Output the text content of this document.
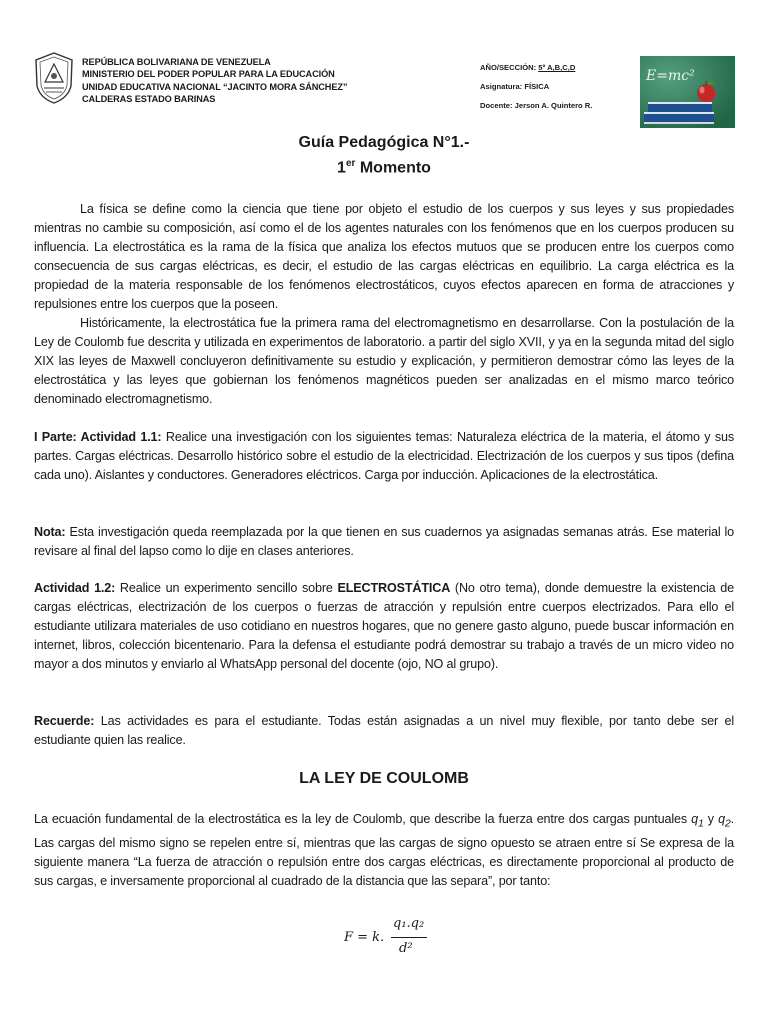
REPÚBLICA BOLIVARIANA DE VENEZUELA
MINISTERIO DEL PODER POPULAR PARA LA EDUCACIÓN
UNIDAD EDUCATIVA NACIONAL “JACINTO MORA SÁNCHEZ”
CALDERAS ESTADO BARINAS
AÑO/SECCIÓN: 5º A,B,C,D
Asignatura: FÍSICA
Docente: Jerson A. Quintero R.
E=mc²
Guía Pedagógica N°1.-
1er Momento

La física se define como la ciencia que tiene por objeto el estudio de los cuerpos y sus leyes y sus propiedades mientras no cambie su composición, así como el de los agentes naturales con los fenómenos que en los cuerpos producen su influencia. La electrostática es la rama de la física que analiza los efectos mutuos que se producen entre los cuerpos como consecuencia de sus cargas eléctricas, es decir, el estudio de las cargas eléctricas en equilibrio. La carga eléctrica es la propiedad de la materia responsable de los fenómenos electrostáticos, cuyos efectos aparecen en forma de atracciones y repulsiones entre los cuerpos que la poseen.

Históricamente, la electrostática fue la primera rama del electromagnetismo en desarrollarse. Con la postulación de la Ley de Coulomb fue descrita y utilizada en experimentos de laboratorio. a partir del siglo XVII, y ya en la segunda mitad del siglo XIX las leyes de Maxwell concluyeron definitivamente su estudio y explicación, y permitieron demostrar cómo las leyes de la electrostática y las leyes que gobiernan los fenómenos magnéticos pueden ser analizadas en el mismo marco teórico denominado electromagnetismo.

I Parte: Actividad 1.1: Realice una investigación con los siguientes temas: Naturaleza eléctrica de la materia, el átomo y sus partes. Cargas eléctricas. Desarrollo histórico sobre el estudio de la electricidad. Electrización de los cuerpos y sus tipos (defina cada uno). Aislantes y conductores. Generadores eléctricos. Carga por inducción. Aplicaciones de la electrostática.

Nota: Esta investigación queda reemplazada por la que tienen en sus cuadernos ya asignadas semanas atrás. Ese material lo revisare al final del lapso como lo dije en clases anteriores.

Actividad 1.2: Realice un experimento sencillo sobre ELECTROSTÁTICA (No otro tema), donde demuestre la existencia de cargas eléctricas, electrización de los cuerpos o fuerzas de atracción y repulsión entre cuerpos electrizados. Para ello el estudiante utilizara materiales de uso cotidiano en nuestros hogares, que no genere gasto alguno, puede buscar información en internet, libros, colección bicentenario. Para la defensa el estudiante podrá demostrar su trabajo a través de un micro video no mayor a dos minutos y enviarlo al WhatsApp personal del docente (ojo, NO al grupo).

Recuerde: Las actividades es para el estudiante. Todas están asignadas a un nivel muy flexible, por tanto debe ser el estudiante quien las realice.

LA LEY DE COULOMB

La ecuación fundamental de la electrostática es la ley de Coulomb, que describe la fuerza entre dos cargas puntuales $q_1$ y $q_2$. Las cargas del mismo signo se repelen entre sí, mientras que las cargas de signo opuesto se atraen entre sí Se expresa de la siguiente manera “La fuerza de atracción o repulsión entre dos cargas eléctricas, es directamente proporcional al producto de sus cargas, e inversamente proporcional al cuadrado de la distancia que las separa”, por tanto:

F = k.
q₁.q₂
d²
